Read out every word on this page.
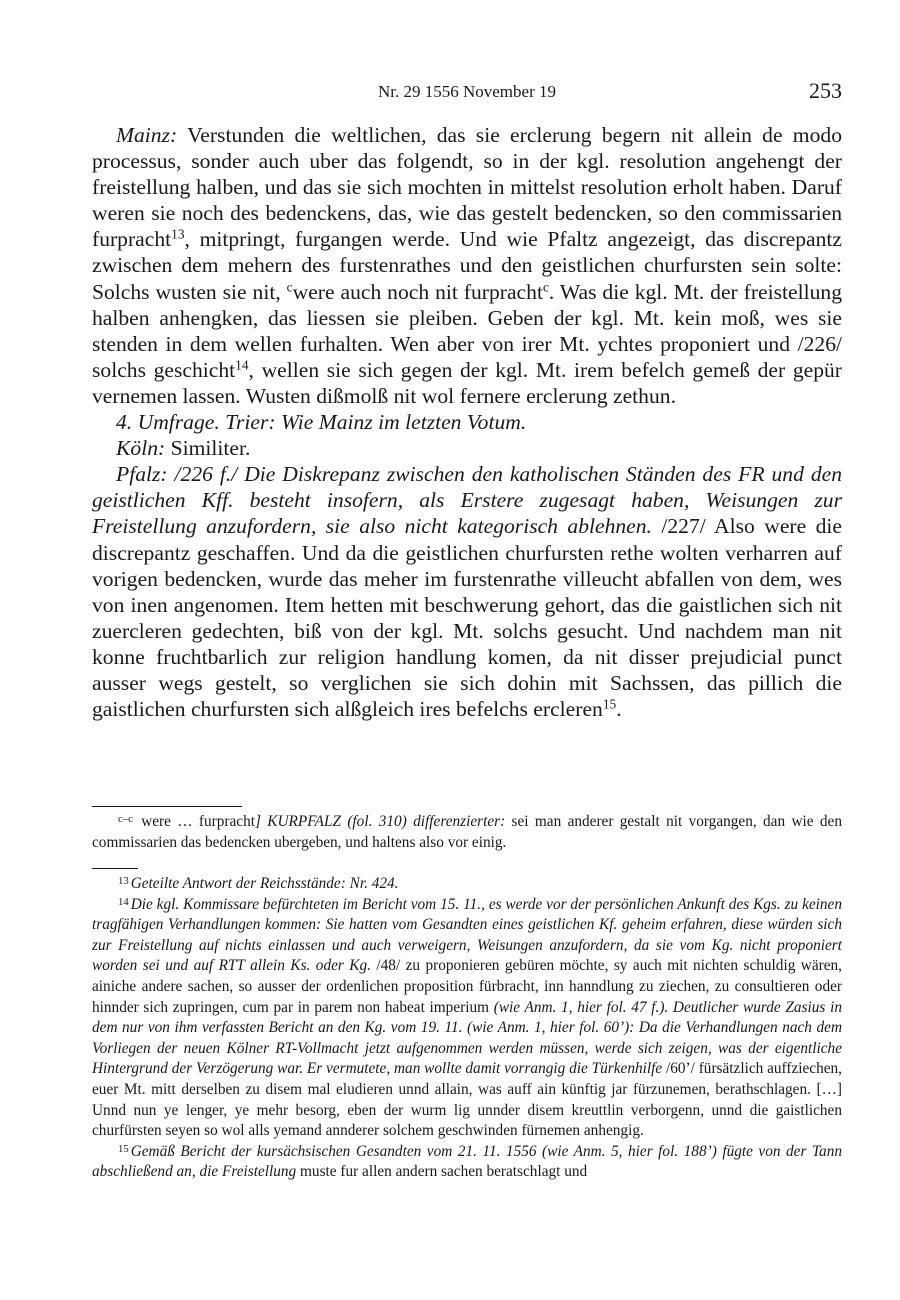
Nr. 29 1556 November 19	253

Mainz: Verstunden die weltlichen, das sie erclerung begern nit allein de modo processus, sonder auch uber das folgendt, so in der kgl. resolution angehengt der freistellung halben, und das sie sich mochten in mittelst resolution erholt haben. Daruf weren sie noch des bedenckens, das, wie das gestelt bedencken, so den commissarien furpracht$^{13}$, mitpringt, furgangen werde. Und wie Pfaltz angezeigt, das discrepantz zwischen dem mehern des furstenrathes und den geistlichen churfursten sein solte: Solchs wusten sie nit, $^c$were auch noch nit furpracht$^c$. Was die kgl. Mt. der freistellung halben anhengken, das liessen sie pleiben. Geben der kgl. Mt. kein moß, wes sie stenden in dem wellen furhalten. Wen aber von irer Mt. ychtes proponiert und /226/ solchs geschicht$^{14}$, wellen sie sich gegen der kgl. Mt. irem befelch gemeß der gepür vernemen lassen. Wusten dißmolß nit wol fernere erclerung zethun.

4. Umfrage. Trier: Wie Mainz im letzten Votum.

Köln: Similiter.

Pfalz: /226 f./ Die Diskrepanz zwischen den katholischen Ständen des FR und den geistlichen Kff. besteht insofern, als Erstere zugesagt haben, Weisungen zur Freistellung anzufordern, sie also nicht kategorisch ablehnen. /227/ Also were die discrepantz geschaffen. Und da die geistlichen churfursten rethe wolten verharren auf vorigen bedencken, wurde das meher im furstenrathe villeucht abfallen von dem, wes von inen angenomen. Item hetten mit beschwerung gehort, das die gaistlichen sich nit zuercleren gedechten, biß von der kgl. Mt. solchs gesucht. Und nachdem man nit konne fruchtbarlich zur religion handlung komen, da nit disser prejudicial punct ausser wegs gestelt, so verglichen sie sich dohin mit Sachssen, das pillich die gaistlichen churfursten sich alßgleich ires befelchs ercleren$^{15}$.

$^{c-c}$ were … furpracht] KURPFALZ (fol. 310) differenzierter: sei man anderer gestalt nit vorgangen, dan wie den commissarien das bedencken ubergeben, und haltens also vor einig.

$^{13}$ Geteilte Antwort der Reichsstände: Nr. 424.

$^{14}$ Die kgl. Kommissare befürchteten im Bericht vom 15. 11., es werde vor der persönlichen Ankunft des Kgs. zu keinen tragfähigen Verhandlungen kommen: Sie hatten vom Gesandten eines geistlichen Kf. geheim erfahren, diese würden sich zur Freistellung auf nichts einlassen und auch verweigern, Weisungen anzufordern, da sie vom Kg. nicht proponiert worden sei und auf RTT allein Ks. oder Kg. /48/ zu proponieren gebüren möchte, sy auch mit nichten schuldig wären, ainiche andere sachen, so ausser der ordenlichen proposition fürbracht, inn hanndlung zu ziechen, zu consultieren oder hinnder sich zupringen, cum par in parem non habeat imperium (wie Anm. 1, hier fol. 47 f.). Deutlicher wurde Zasius in dem nur von ihm verfassten Bericht an den Kg. vom 19. 11. (wie Anm. 1, hier fol. 60’): Da die Verhandlungen nach dem Vorliegen der neuen Kölner RT-Vollmacht jetzt aufgenommen werden müssen, werde sich zeigen, was der eigentliche Hintergrund der Verzögerung war. Er vermutete, man wollte damit vorrangig die Türkenhilfe /60’/ fürsätzlich auffziechen, euer Mt. mitt derselben zu disem mal eludieren unnd allain, was auff ain künftig jar fürzunemen, berathschlagen. […] Unnd nun ye lenger, ye mehr besorg, eben der wurm lig unnder disem kreuttlin verborgenn, unnd die gaistlichen churfürsten seyen so wol alls yemand annderer solchem geschwinden fürnemen anhengig.

$^{15}$ Gemäß Bericht der kursächsischen Gesandten vom 21. 11. 1556 (wie Anm. 5, hier fol. 188’) fügte von der Tann abschließend an, die Freistellung muste fur allen andern sachen beratschlagt und
